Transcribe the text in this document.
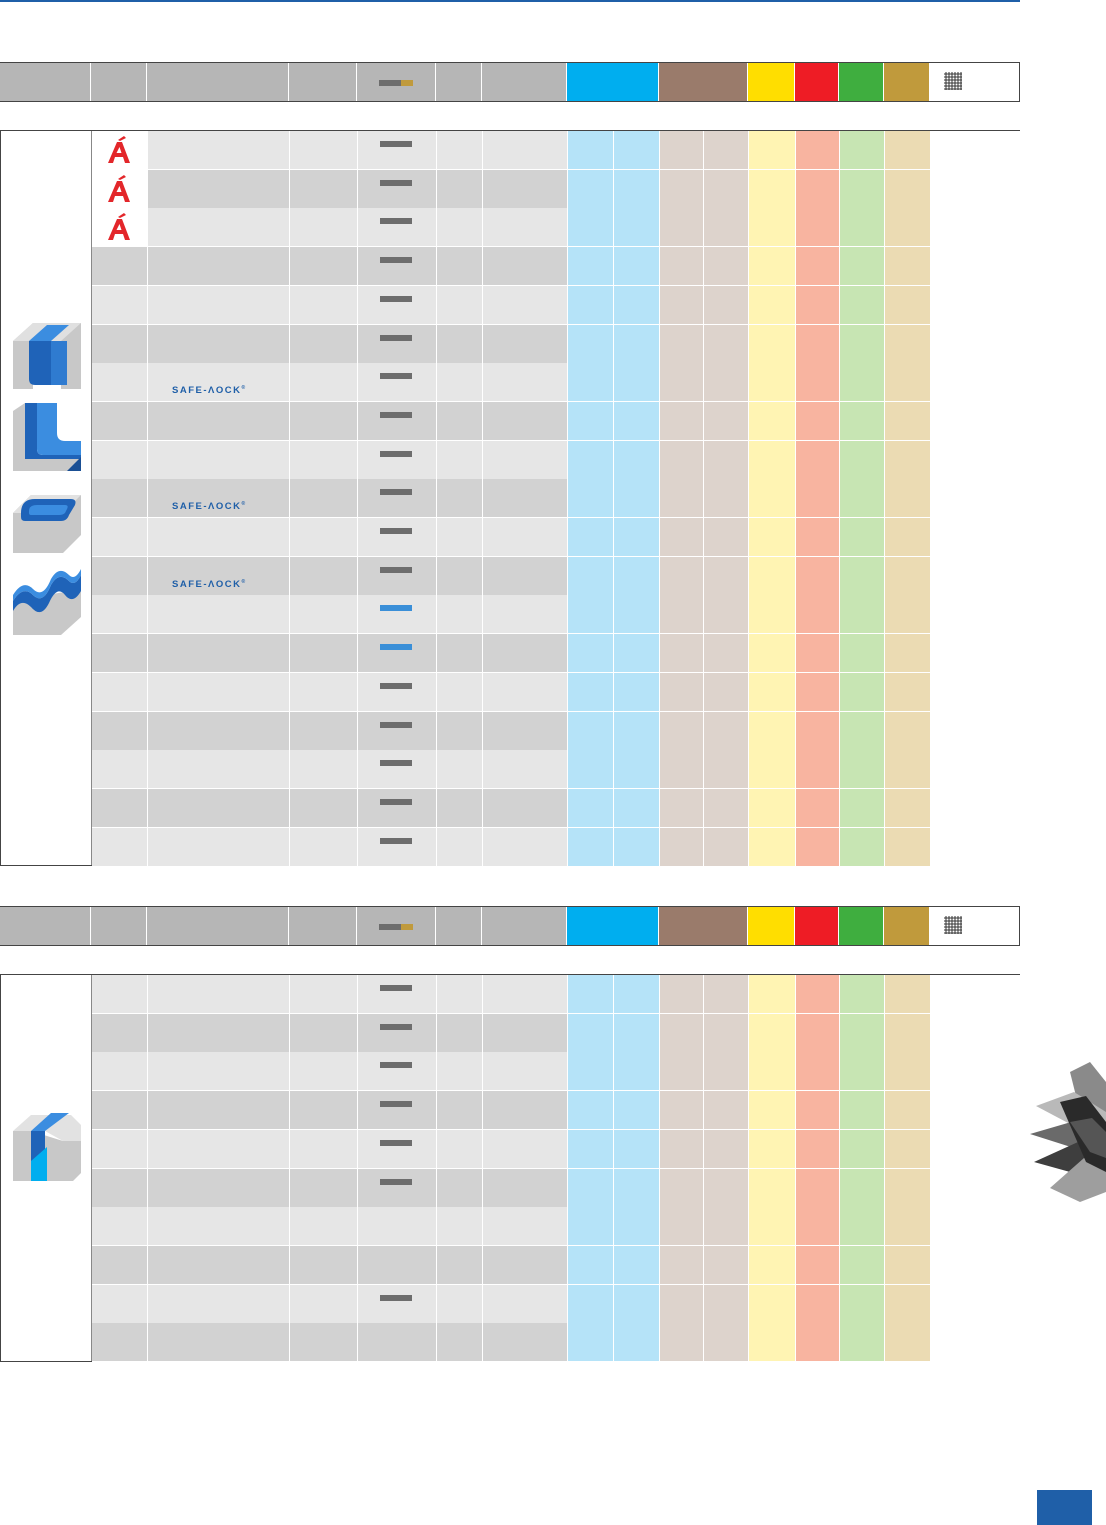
SAFE-ΛOCK®
SAFE-ΛOCK®
SAFE-ΛOCK®
